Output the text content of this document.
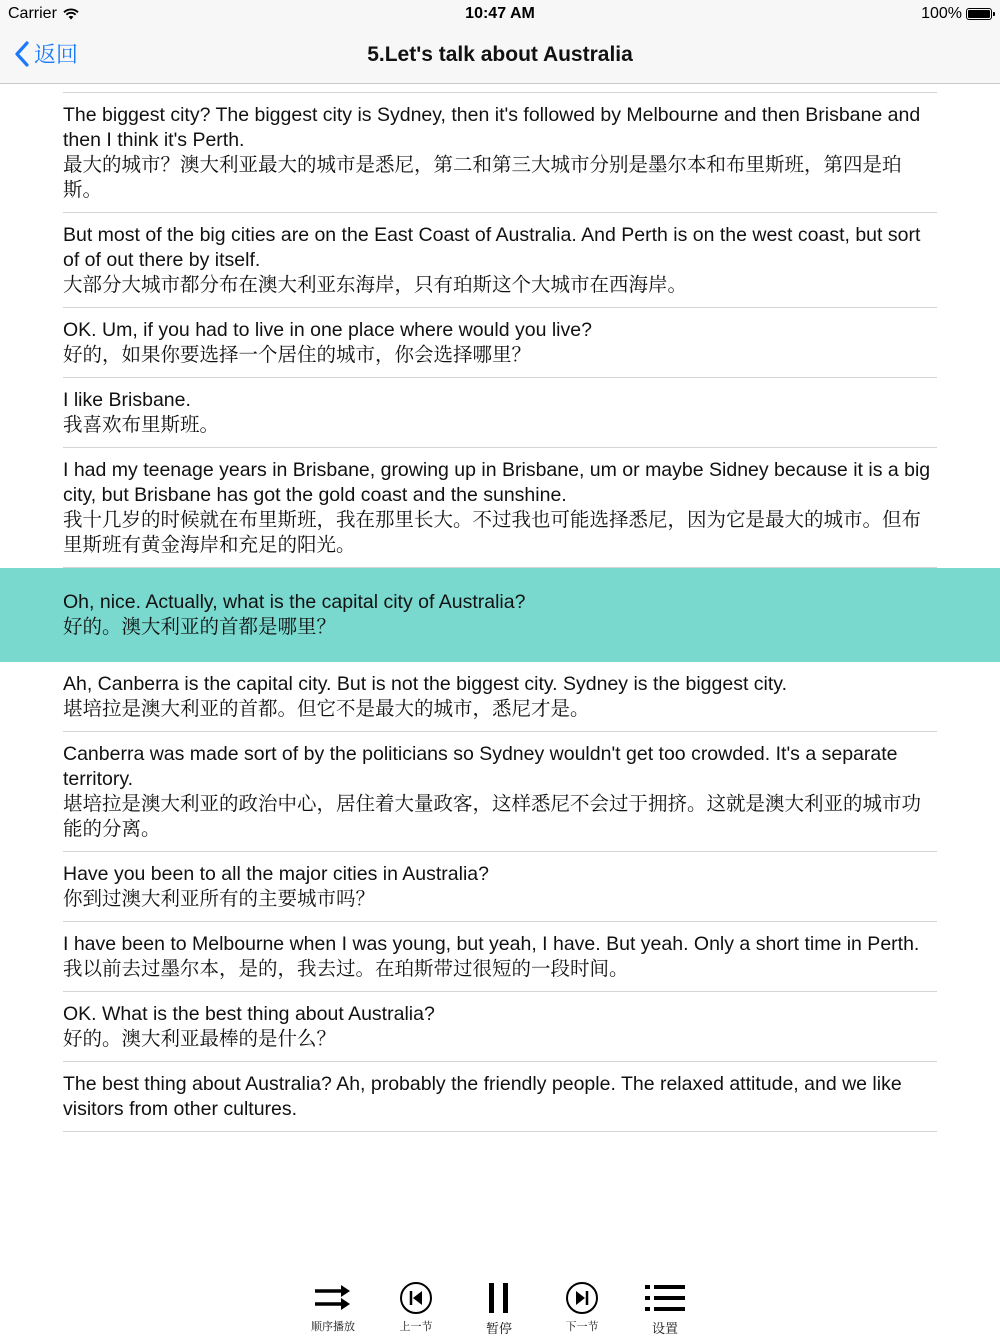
Carrier	10:47 AM	100%
返回	5.Let's talk about Australia
The biggest city? The biggest city is Sydney, then it's followed by Melbourne and then Brisbane and then I think it's Perth.
最大的城市？澳大利亚最大的城市是悉尼，第二和第三大城市分别是墨尔本和布里斯班，第四是珀斯。
But most of the big cities are on the East Coast of Australia. And Perth is on the west coast, but sort of of out there by itself.
大部分大城市都分布在澳大利亚东海岸，只有珀斯这个大城市在西海岸。
OK. Um, if you had to live in one place where would you live?
好的，如果你要选择一个居住的城市，你会选择哪里？
I like Brisbane.
我喜欢布里斯班。
I had my teenage years in Brisbane, growing up in Brisbane, um or maybe Sidney because it is a big city, but Brisbane has got the gold coast and the sunshine.
我十几岁的时候就在布里斯班，我在那里长大。不过我也可能选择悉尼，因为它是最大的城市。但布里斯班有黄金海岸和充足的阳光。
Oh, nice. Actually, what is the capital city of Australia?
好的。澳大利亚的首都是哪里？
Ah, Canberra is the capital city. But is not the biggest city. Sydney is the biggest city.
堪培拉是澳大利亚的首都。但它不是最大的城市，悉尼才是。
Canberra was made sort of by the politicians so Sydney wouldn't get too crowded. It's a separate territory.
堪培拉是澳大利亚的政治中心，居住着大量政客，这样悉尼不会过于拥挤。这就是澳大利亚的城市功能的分离。
Have you been to all the major cities in Australia?
你到过澳大利亚所有的主要城市吗？
I have been to Melbourne when I was young, but yeah, I have. But yeah. Only a short time in Perth.
我以前去过墨尔本，是的，我去过。在珀斯带过很短的一段时间。
OK. What is the best thing about Australia?
好的。澳大利亚最棒的是什么？
The best thing about Australia? Ah, probably the friendly people. The relaxed attitude, and we like visitors from other cultures.
顺序播放	上一节	暂停	下一节	设置
